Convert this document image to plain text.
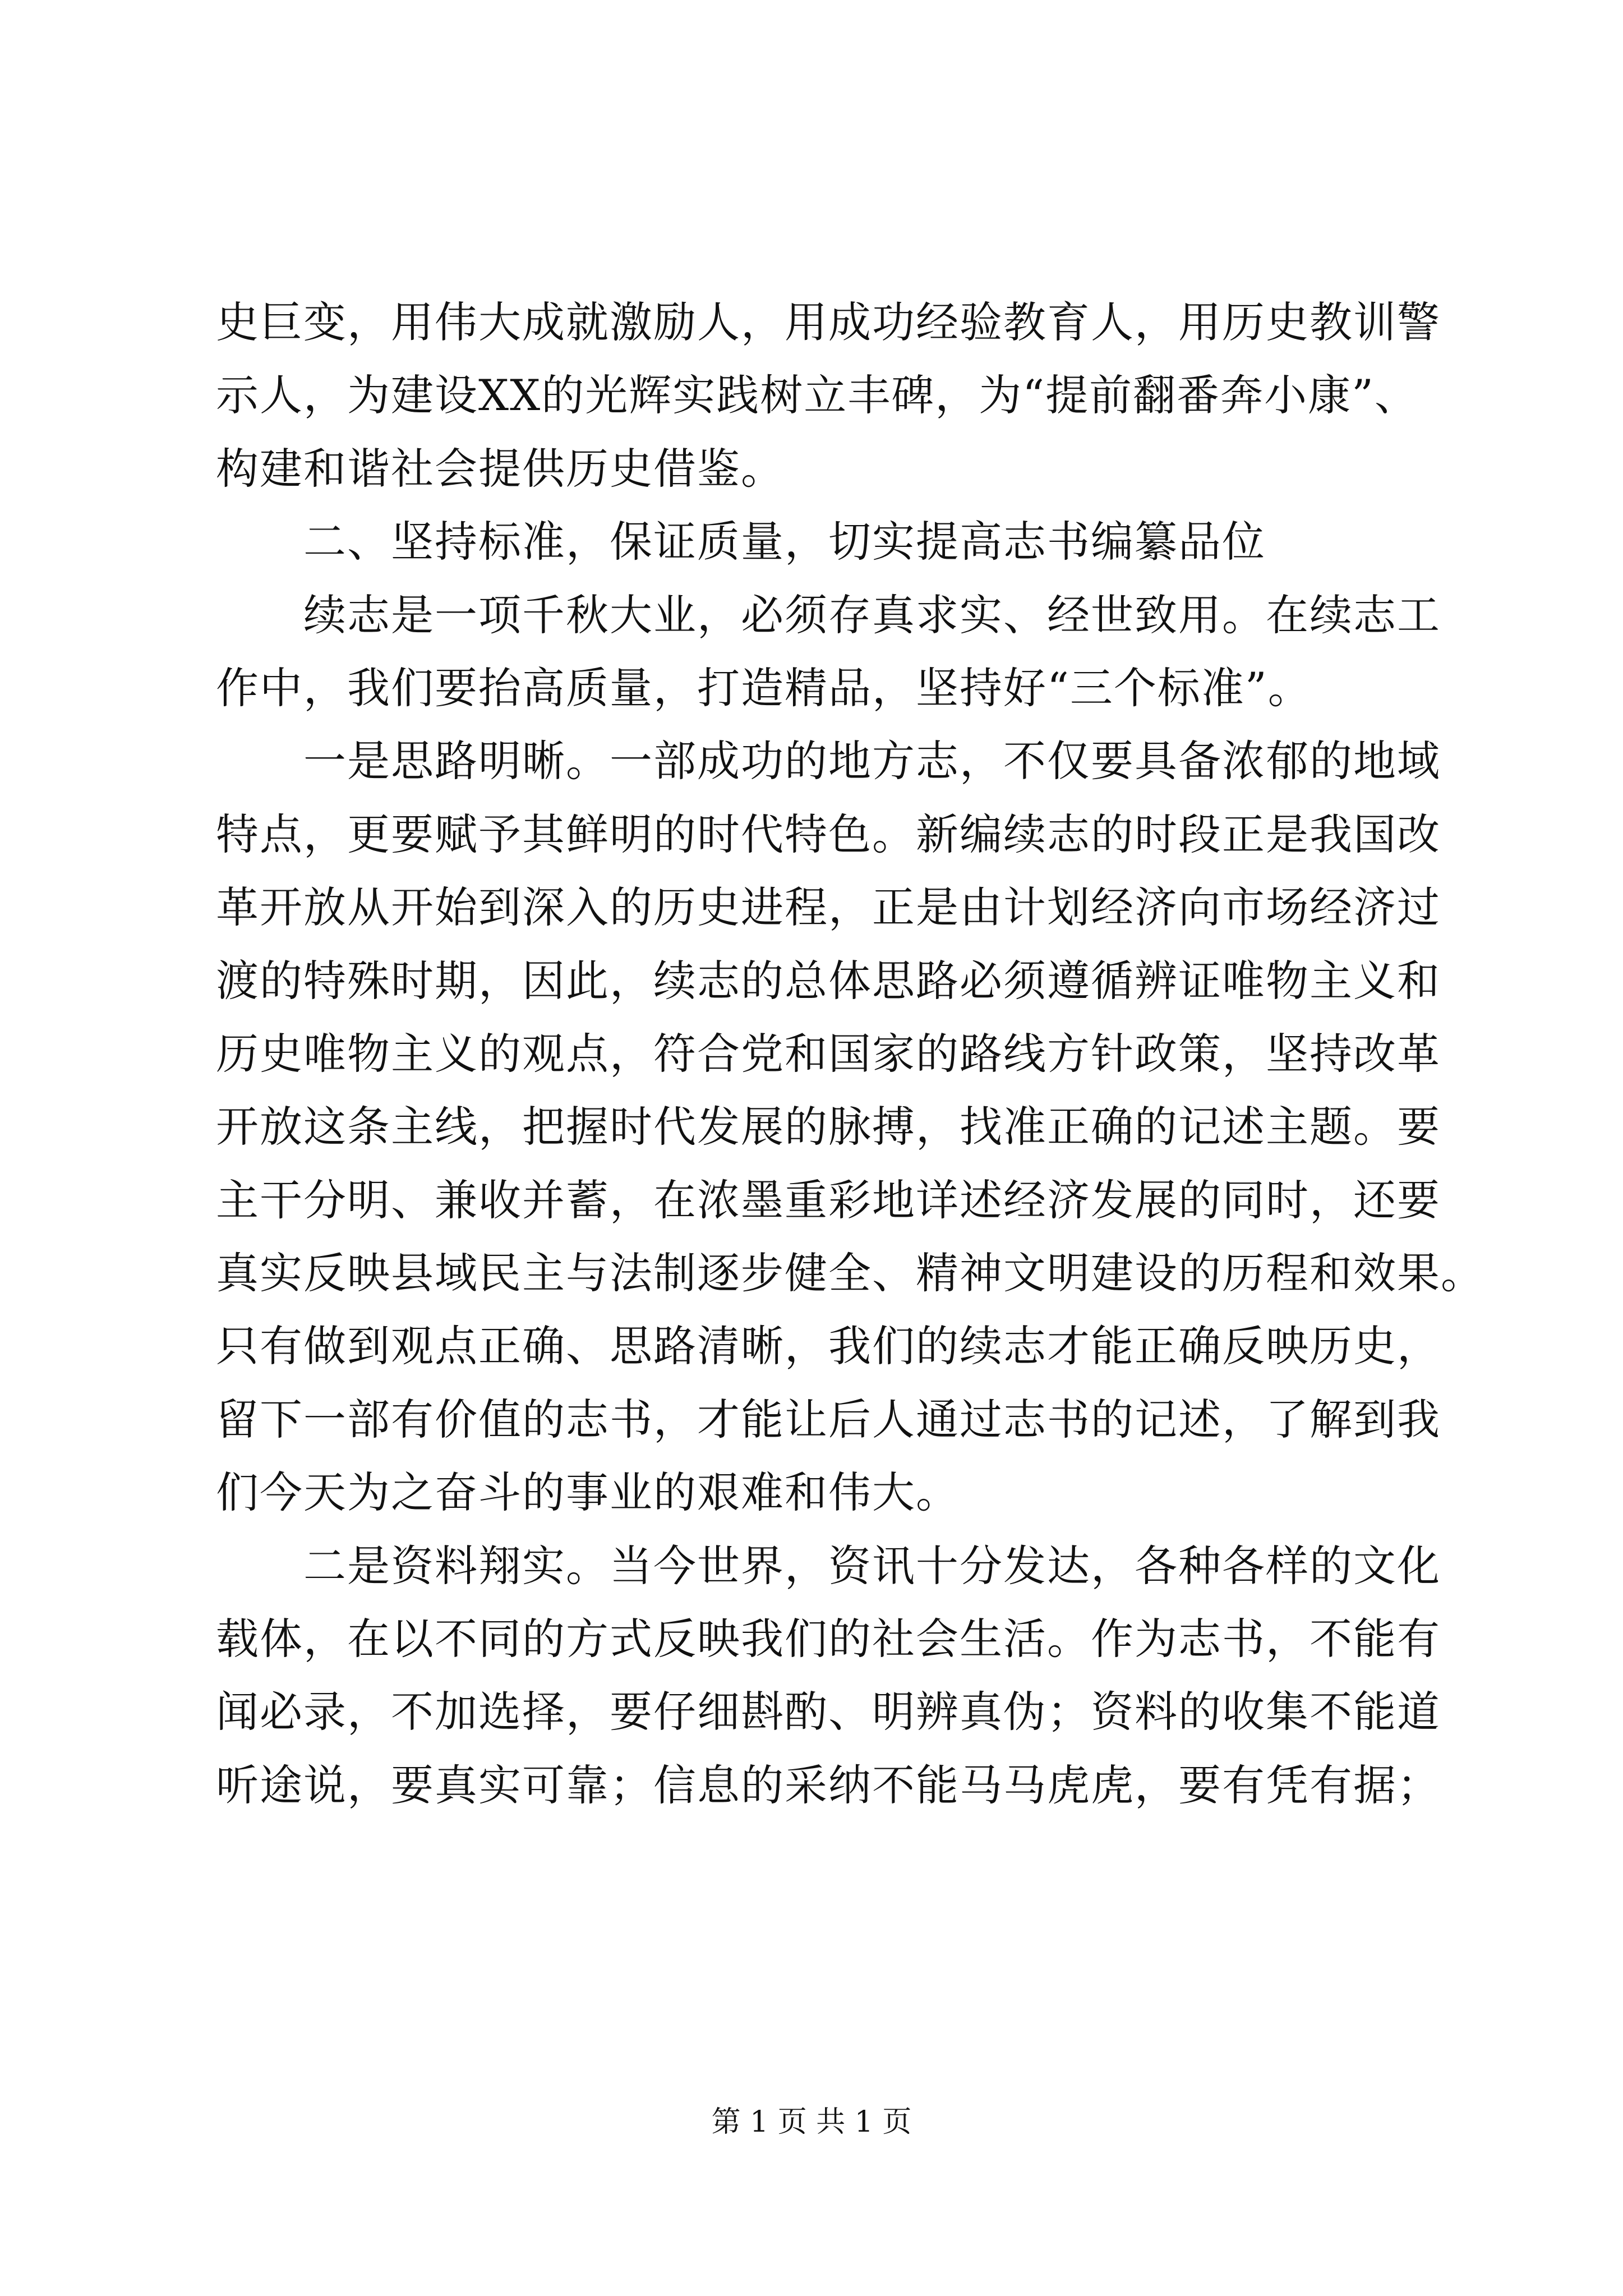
史巨变，用伟大成就激励人，用成功经验教育人，用历史教训警
示人，为建设XX的光辉实践树立丰碑，为“提前翻番奔小康”、
构建和谐社会提供历史借鉴。
　　二、坚持标准，保证质量，切实提高志书编纂品位
　　续志是一项千秋大业，必须存真求实、经世致用。在续志工
作中，我们要抬高质量，打造精品，坚持好“三个标准”。
　　一是思路明晰。一部成功的地方志，不仅要具备浓郁的地域
特点，更要赋予其鲜明的时代特色。新编续志的时段正是我国改
革开放从开始到深入的历史进程，正是由计划经济向市场经济过
渡的特殊时期，因此，续志的总体思路必须遵循辨证唯物主义和
历史唯物主义的观点，符合党和国家的路线方针政策，坚持改革
开放这条主线，把握时代发展的脉搏，找准正确的记述主题。要
主干分明、兼收并蓄，在浓墨重彩地详述经济发展的同时，还要
真实反映县域民主与法制逐步健全、精神文明建设的历程和效果。
只有做到观点正确、思路清晰，我们的续志才能正确反映历史，
留下一部有价值的志书，才能让后人通过志书的记述，了解到我
们今天为之奋斗的事业的艰难和伟大。
　　二是资料翔实。当今世界，资讯十分发达，各种各样的文化
载体，在以不同的方式反映我们的社会生活。作为志书，不能有
闻必录，不加选择，要仔细斟酌、明辨真伪；资料的收集不能道
听途说，要真实可靠；信息的采纳不能马马虎虎，要有凭有据；
第 1 页 共 1 页
